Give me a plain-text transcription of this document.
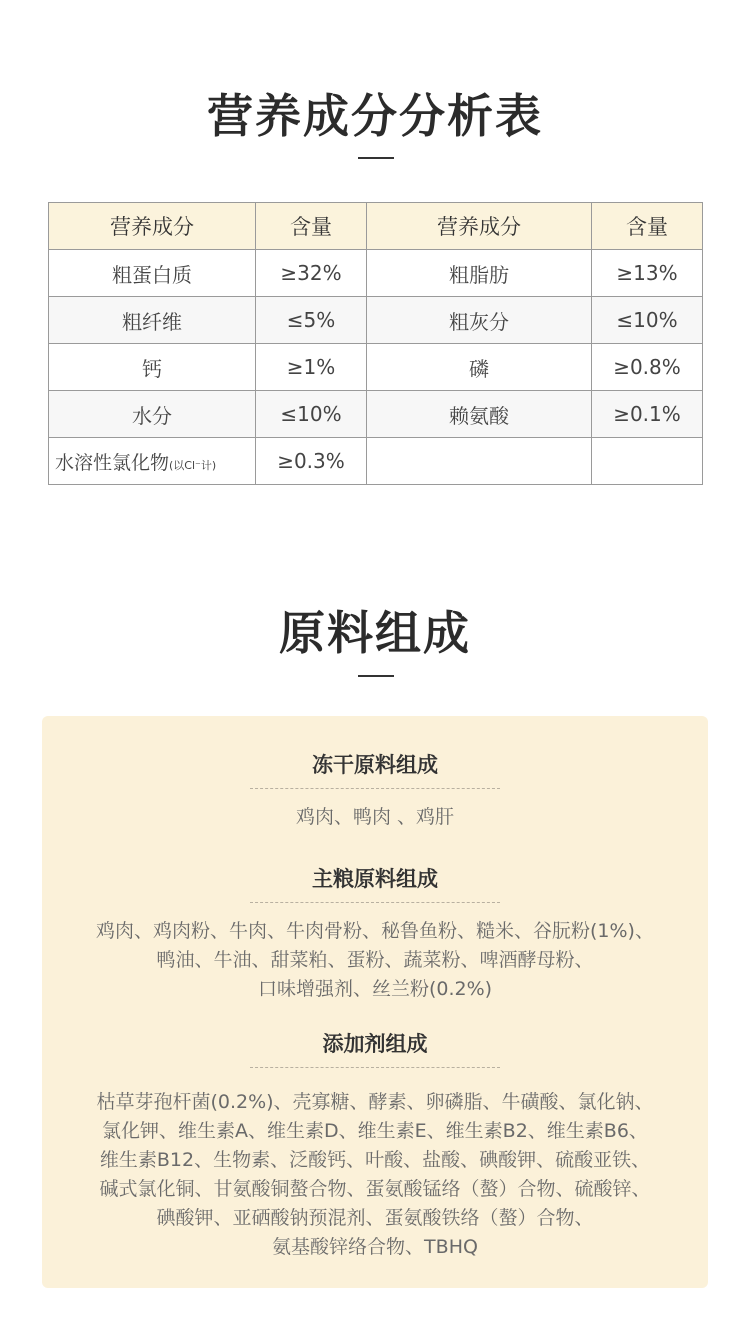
营养成分分析表
营养成分	含量	营养成分	含量
粗蛋白质	≥32%	粗脂肪	≥13%
粗纤维	≤5%	粗灰分	≤10%
钙	≥1%	磷	≥0.8%
水分	≤10%	赖氨酸	≥0.1%
水溶性氯化物(以Cl⁻计)	≥0.3%		
原料组成
冻干原料组成
鸡肉、鸭肉 、鸡肝
主粮原料组成
鸡肉、鸡肉粉、牛肉、牛肉骨粉、秘鲁鱼粉、糙米、谷朊粉(1%)、
鸭油、牛油、甜菜粕、蛋粉、蔬菜粉、啤酒酵母粉、
口味增强剂、丝兰粉(0.2%)
添加剂组成
枯草芽孢杆菌(0.2%)、壳寡糖、酵素、卵磷脂、牛磺酸、氯化钠、
氯化钾、维生素A、维生素D、维生素E、维生素B2、维生素B6、
维生素B12、生物素、泛酸钙、叶酸、盐酸、碘酸钾、硫酸亚铁、
碱式氯化铜、甘氨酸铜螯合物、蛋氨酸锰络（螯）合物、硫酸锌、
碘酸钾、亚硒酸钠预混剂、蛋氨酸铁络（螯）合物、
氨基酸锌络合物、TBHQ
